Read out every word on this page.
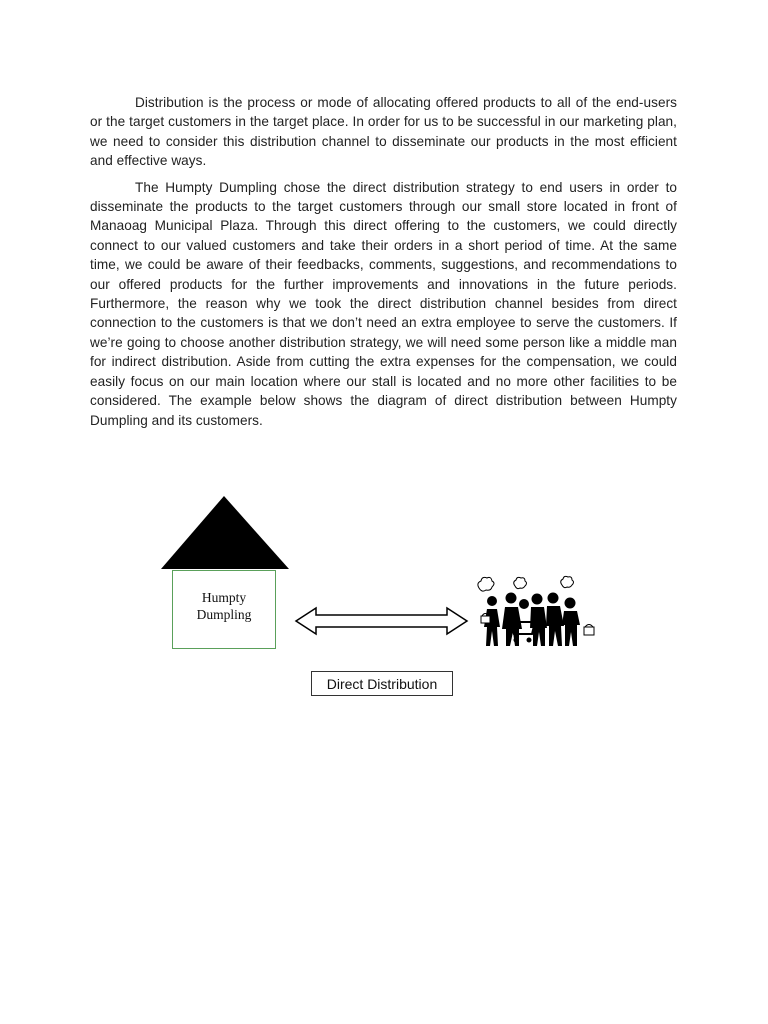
Distribution is the process or mode of allocating offered products to all of the end-users or the target customers in the target place. In order for us to be successful in our marketing plan, we need to consider this distribution channel to disseminate our products in the most efficient and effective ways.

The Humpty Dumpling chose the direct distribution strategy to end users in order to disseminate the products to the target customers through our small store located in front of Manaoag Municipal Plaza. Through this direct offering to the customers, we could directly connect to our valued customers and take their orders in a short period of time. At the same time, we could be aware of their feedbacks, comments, suggestions, and recommendations to our offered products for the further improvements and innovations in the future periods. Furthermore, the reason why we took the direct distribution channel besides from direct connection to the customers is that we don’t need an extra employee to serve the customers. If we’re going to choose another distribution strategy, we will need some person like a middle man for indirect distribution. Aside from cutting the extra expenses for the compensation, we could easily focus on our main location where our stall is located and no more other facilities to be considered. The example below shows the diagram of direct distribution between Humpty Dumpling and its customers.

Humpty
Dumpling
Direct Distribution
